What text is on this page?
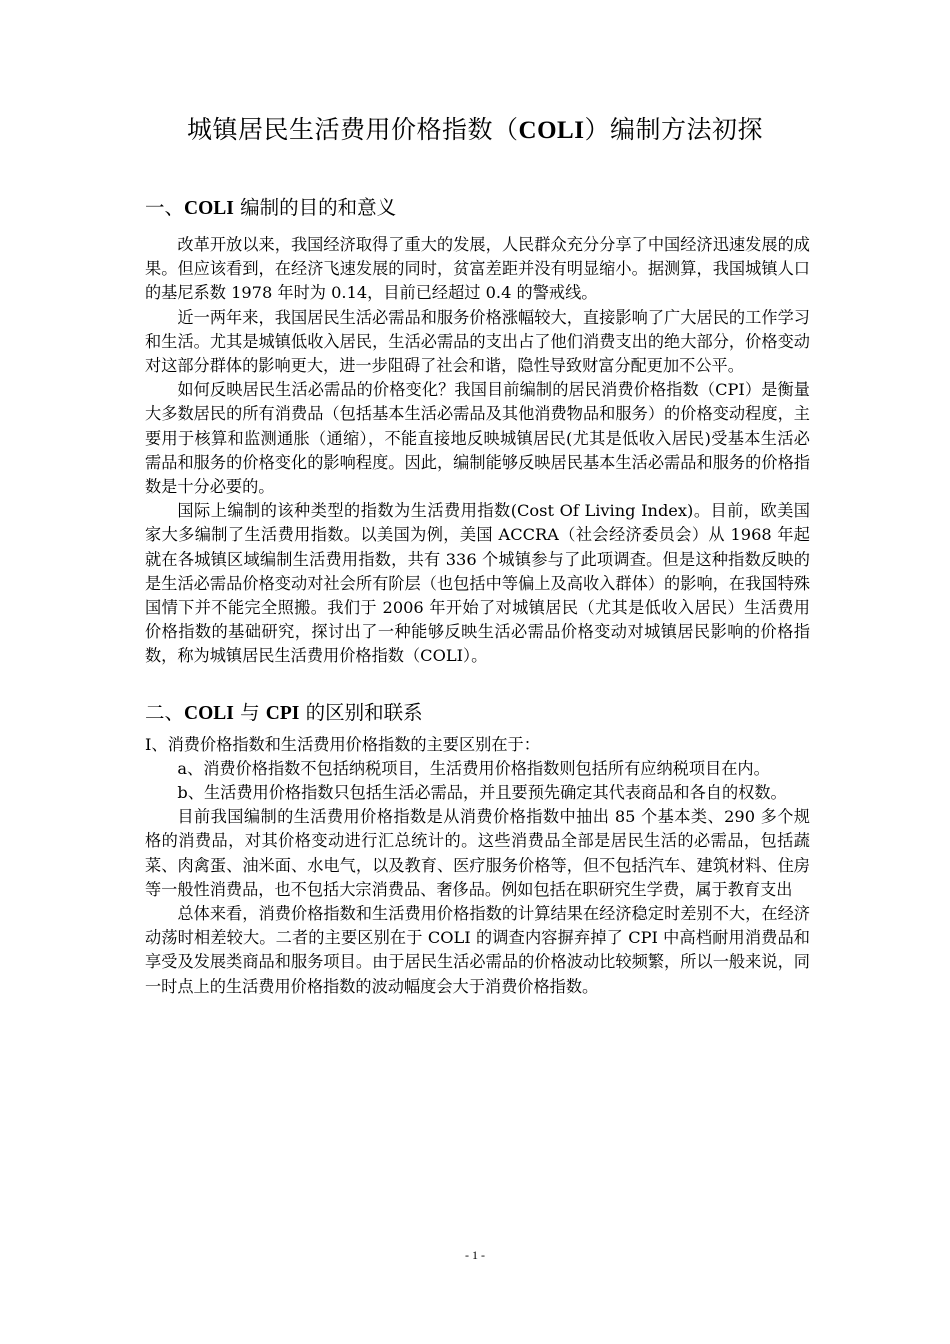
城镇居民生活费用价格指数（COLI）编制方法初探
一、COLI 编制的目的和意义

改革开放以来，我国经济取得了重大的发展，人民群众充分分享了中国经济迅速发展的成果。但应该看到，在经济飞速发展的同时，贫富差距并没有明显缩小。据测算，我国城镇人口的基尼系数 1978 年时为 0.14，目前已经超过 0.4 的警戒线。

近一两年来，我国居民生活必需品和服务价格涨幅较大，直接影响了广大居民的工作学习和生活。尤其是城镇低收入居民，生活必需品的支出占了他们消费支出的绝大部分，价格变动对这部分群体的影响更大，进一步阻碍了社会和谐，隐性导致财富分配更加不公平。

如何反映居民生活必需品的价格变化？我国目前编制的居民消费价格指数（CPI）是衡量大多数居民的所有消费品（包括基本生活必需品及其他消费物品和服务）的价格变动程度，主要用于核算和监测通胀（通缩），不能直接地反映城镇居民(尤其是低收入居民)受基本生活必需品和服务的价格变化的影响程度。因此，编制能够反映居民基本生活必需品和服务的价格指数是十分必要的。

国际上编制的该种类型的指数为生活费用指数(Cost Of Living Index)。目前，欧美国家大多编制了生活费用指数。以美国为例，美国 ACCRA（社会经济委员会）从 1968 年起就在各城镇区域编制生活费用指数，共有 336 个城镇参与了此项调查。但是这种指数反映的是生活必需品价格变动对社会所有阶层（也包括中等偏上及高收入群体）的影响，在我国特殊国情下并不能完全照搬。我们于 2006 年开始了对城镇居民（尤其是低收入居民）生活费用价格指数的基础研究，探讨出了一种能够反映生活必需品价格变动对城镇居民影响的价格指数，称为城镇居民生活费用价格指数（COLI）。

二、COLI 与 CPI 的区别和联系

Ⅰ、消费价格指数和生活费用价格指数的主要区别在于：

a、消费价格指数不包括纳税项目，生活费用价格指数则包括所有应纳税项目在内。

b、生活费用价格指数只包括生活必需品，并且要预先确定其代表商品和各自的权数。

目前我国编制的生活费用价格指数是从消费价格指数中抽出 85 个基本类、290 多个规格的消费品，对其价格变动进行汇总统计的。这些消费品全部是居民生活的必需品，包括蔬菜、肉禽蛋、油米面、水电气，以及教育、医疗服务价格等，但不包括汽车、建筑材料、住房等一般性消费品，也不包括大宗消费品、奢侈品。例如包括在职研究生学费，属于教育支出

总体来看，消费价格指数和生活费用价格指数的计算结果在经济稳定时差别不大，在经济动荡时相差较大。二者的主要区别在于 COLI 的调查内容摒弃掉了 CPI 中高档耐用消费品和享受及发展类商品和服务项目。由于居民生活必需品的价格波动比较频繁，所以一般来说，同一时点上的生活费用价格指数的波动幅度会大于消费价格指数。

- 1 -
